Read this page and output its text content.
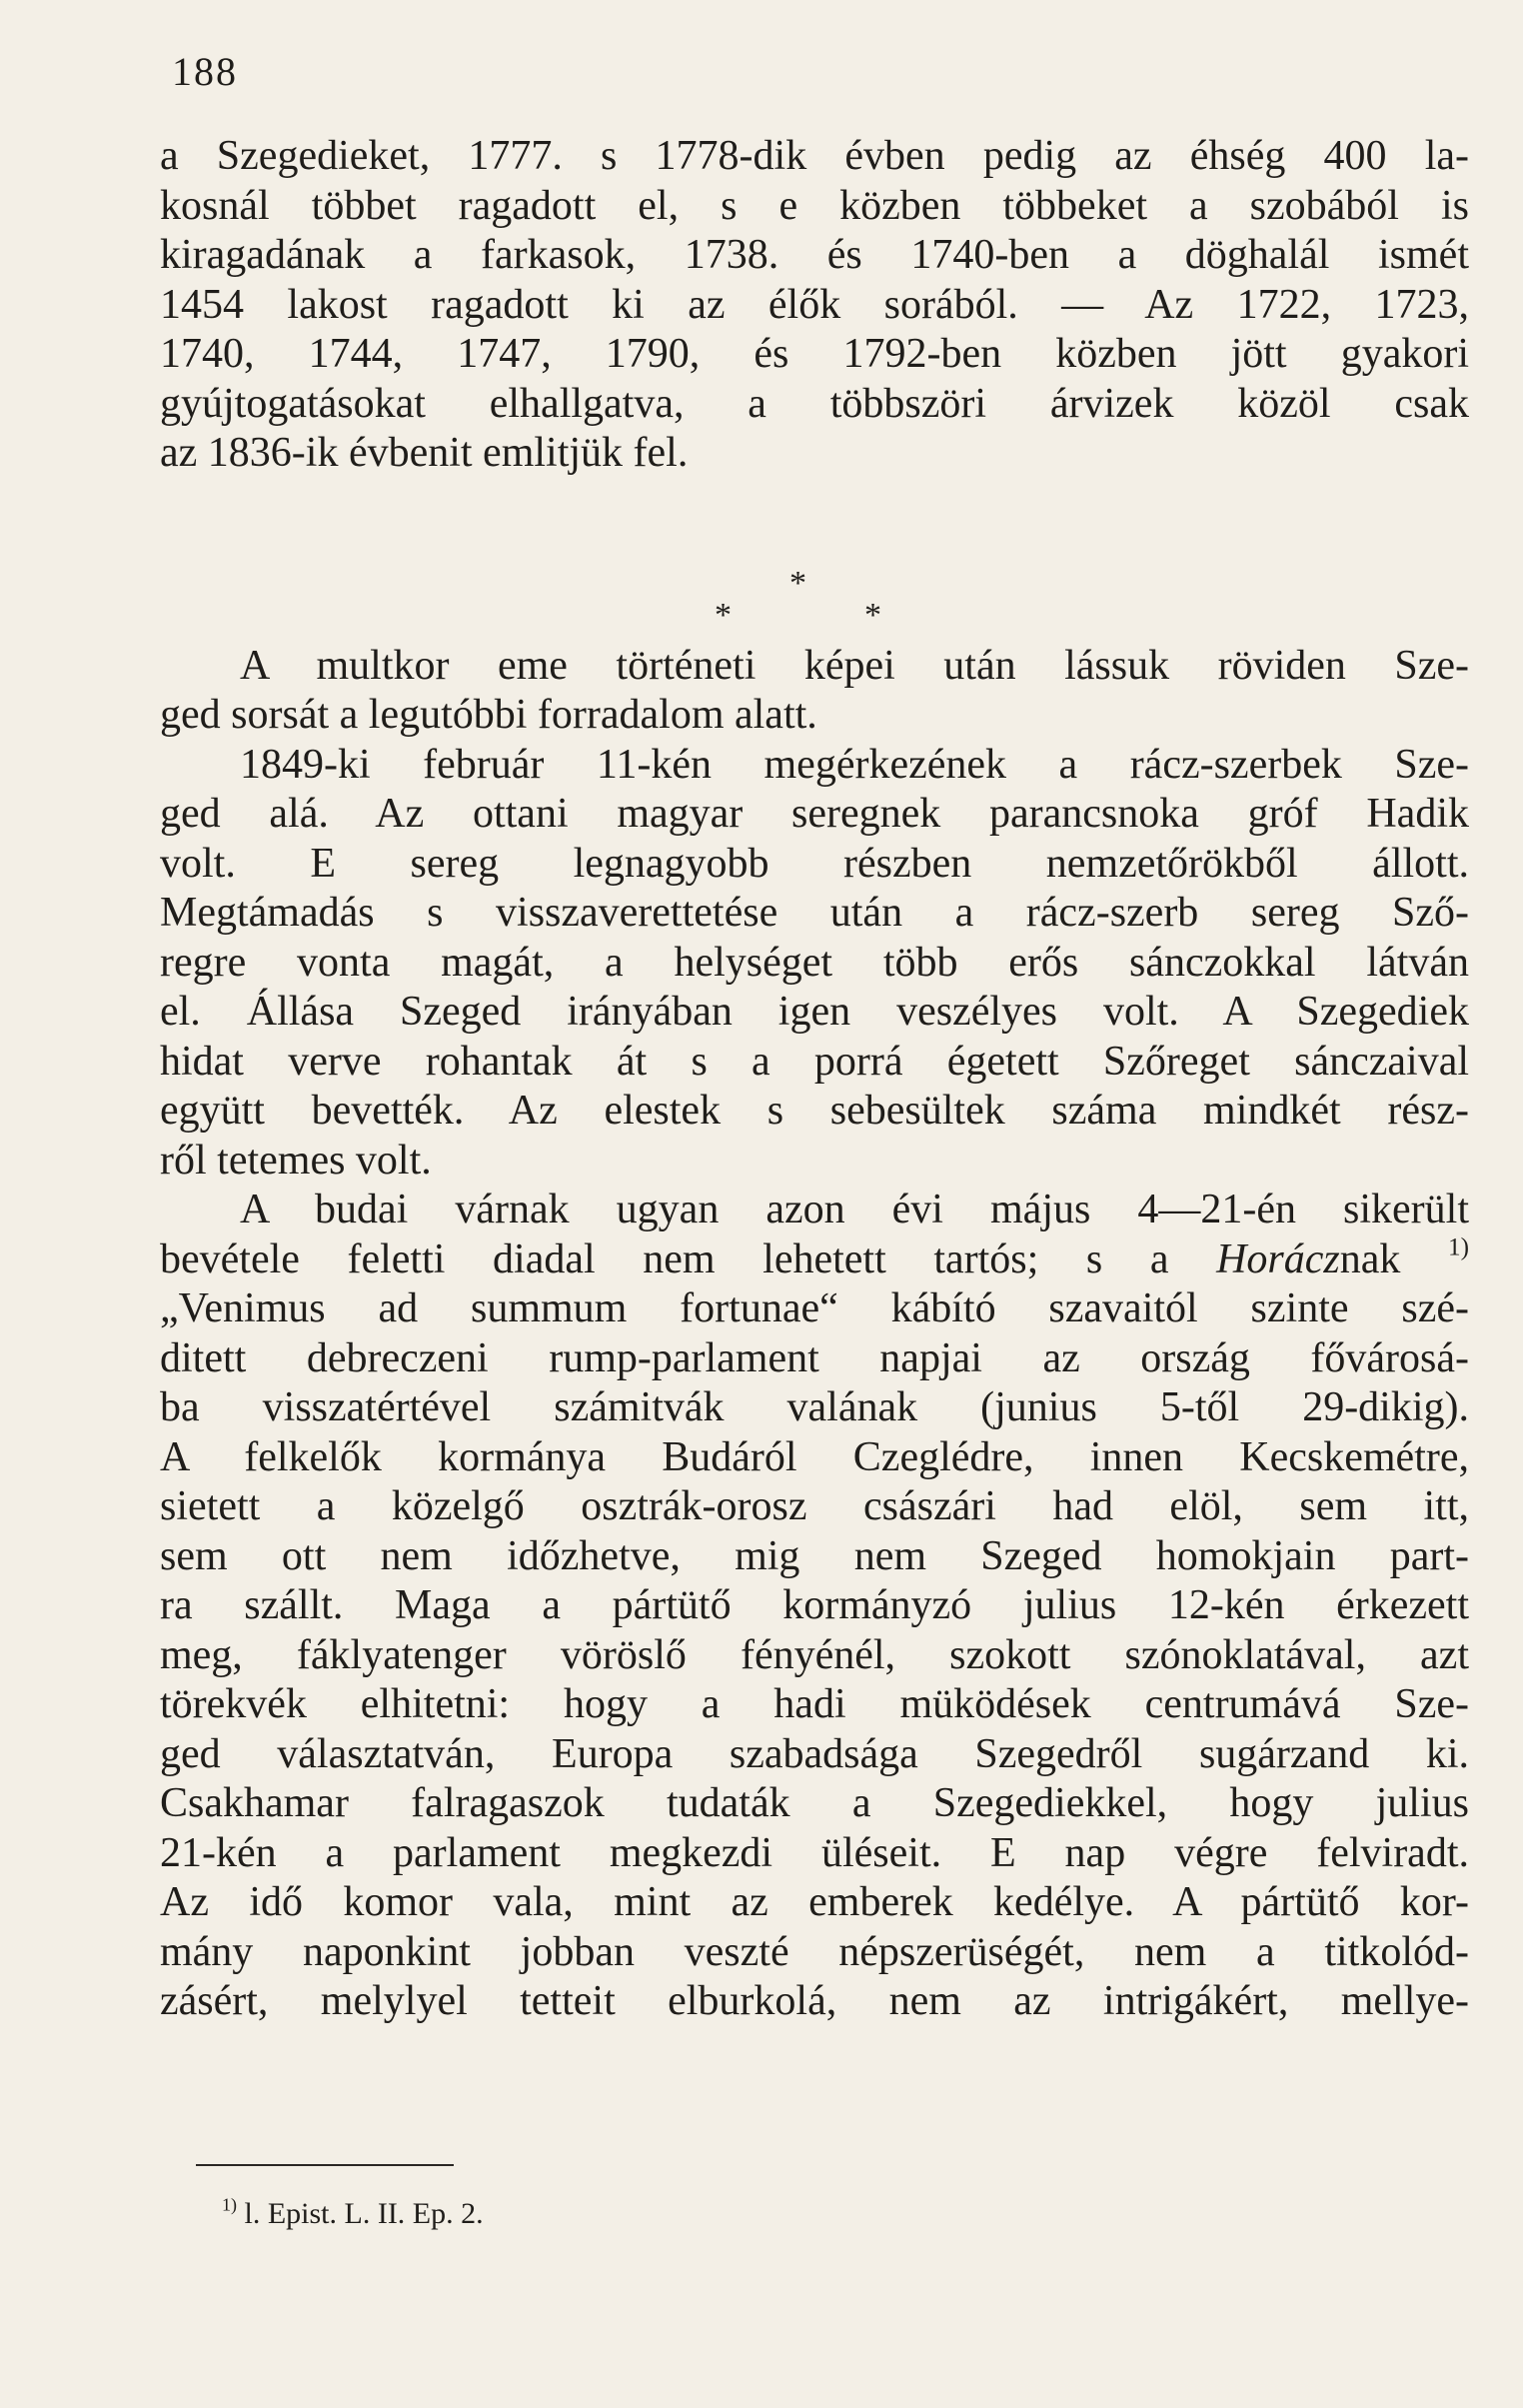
188
a Szegedieket, 1777. s 1778-dik évben pedig az éhség 400 la-
kosnál többet ragadott el, s e közben többeket a szobából is
kiragadának a farkasok, 1738. és 1740-ben a döghalál ismét
1454 lakost ragadott ki az élők sorából. — Az 1722, 1723,
1740, 1744, 1747, 1790, és 1792-ben közben jött gyakori
gyújtogatásokat elhallgatva, a többszöri árvizek közöl csak
az 1836-ik évbenit emlitjük fel.
A multkor eme történeti képei után lássuk röviden Sze-
ged sorsát a legutóbbi forradalom alatt.
1849-ki február 11-kén megérkezének a rácz-szerbek Sze-
ged alá. Az ottani magyar seregnek parancsnoka gróf Hadik
volt. E sereg legnagyobb részben nemzetőrökből állott.
Megtámadás s visszaverettetése után a rácz-szerb sereg Sző-
regre vonta magát, a helységet több erős sánczokkal látván
el. Állása Szeged irányában igen veszélyes volt. A Szegediek
hidat verve rohantak át s a porrá égetett Szőreget sánczaival
együtt bevették. Az elestek s sebesültek száma mindkét rész-
ről tetemes volt.
A budai várnak ugyan azon évi május 4—21-én sikerült
bevétele feletti diadal nem lehetett tartós; s a Horácznak $^{1)}$
„Venimus ad summum fortunae“ kábító szavaitól szinte szé-
ditett debreczeni rump-parlament napjai az ország fővárosá-
ba visszatértével számitvák valának (junius 5-től 29-dikig).
A felkelők kormánya Budáról Czeglédre, innen Kecskemétre,
sietett a közelgő osztrák-orosz császári had elöl, sem itt,
sem ott nem időzhetve, mig nem Szeged homokjain part-
ra szállt. Maga a pártütő kormányzó julius 12-kén érkezett
meg, fáklyatenger vöröslő fényénél, szokott szónoklatával, azt
törekvék elhitetni: hogy a hadi müködések centrumává Sze-
ged választatván, Europa szabadsága Szegedről sugárzand ki.
Csakhamar falragaszok tudaták a Szegediekkel, hogy julius
21-kén a parlament megkezdi üléseit. E nap végre felviradt.
Az idő komor vala, mint az emberek kedélye. A pártütő kor-
mány naponkint jobban veszté népszerüségét, nem a titkolód-
zásért, melylyel tetteit elburkolá, nem az intrigákért, mellye-
*
*	*
$^{1)}$ l. Epist. L. II. Ep. 2.
